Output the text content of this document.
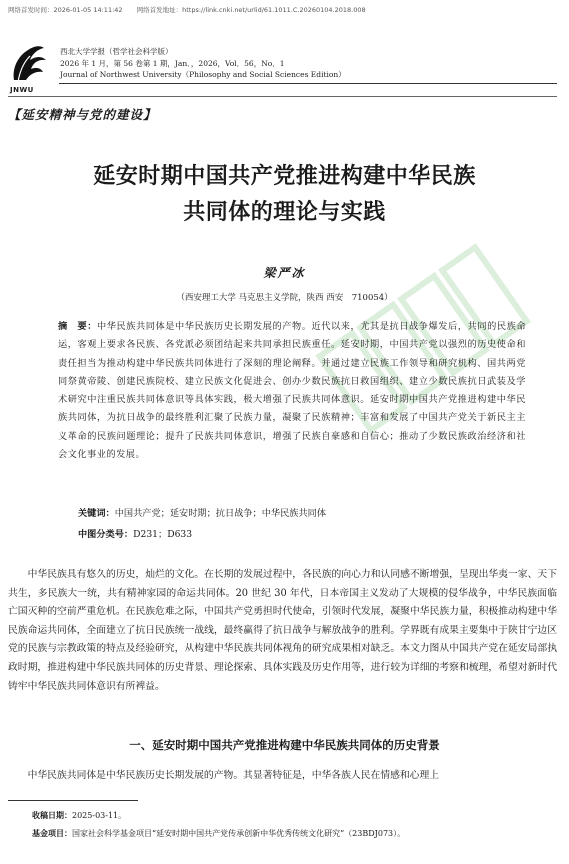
网络首发时间：2026-01-05 14:11:42 网络首发地址：https://link.cnki.net/urlid/61.1011.C.20260104.2018.008
JNWU
西北大学学报（哲学社会科学版）
2026 年 1 月，第 56 卷第 1 期，Jan．，2026，Vol．56，No．1
Journal of Northwest University（Philosophy and Social Sciences Edition）
【延安精神与党的建设】
延安时期中国共产党推进构建中华民族
共同体的理论与实践
梁严冰
（西安理工大学 马克思主义学院，陕西 西安　710054）
摘　要：中华民族共同体是中华民族历史长期发展的产物。近代以来，尤其是抗日战争爆发后，共同的民族命运，客观上要求各民族、各党派必须团结起来共同承担民族重任。延安时期，中国共产党以强烈的历史使命和责任担当为推动构建中华民族共同体进行了深刻的理论阐释。并通过建立民族工作领导和研究机构、国共两党同祭黄帝陵、创建民族院校、建立民族文化促进会、创办少数民族抗日救国组织、建立少数民族抗日武装及学术研究中注重民族共同体意识等具体实践，极大增强了民族共同体意识。延安时期中国共产党推进构建中华民族共同体，为抗日战争的最终胜利汇聚了民族力量，凝聚了民族精神；丰富和发展了中国共产党关于新民主主义革命的民族问题理论；提升了民族共同体意识，增强了民族自豪感和自信心；推动了少数民族政治经济和社会文化事业的发展。
关键词：中国共产党；延安时期；抗日战争；中华民族共同体
中图分类号：D231；D633
中华民族具有悠久的历史，灿烂的文化。在长期的发展过程中，各民族的向心力和认同感不断增强，呈现出华夷一家、天下共生，多民族大一统，共有精神家园的命运共同体。20 世纪 30 年代，日本帝国主义发动了大规模的侵华战争，中华民族面临亡国灭种的空前严重危机。在民族危难之际，中国共产党勇担时代使命，引领时代发展，凝聚中华民族力量，积极推动构建中华民族命运共同体，全面建立了抗日民族统一战线，最终赢得了抗日战争与解放战争的胜利。学界既有成果主要集中于陕甘宁边区党的民族与宗教政策的特点及经验研究，从构建中华民族共同体视角的研究成果相对缺乏。本文力图从中国共产党在延安局部执政时期，推进构建中华民族共同体的历史背景、理论探索、具体实践及历史作用等，进行较为详细的考察和梳理，希望对新时代铸牢中华民族共同体意识有所裨益。
一、延安时期中国共产党推进构建中华民族共同体的历史背景
中华民族共同体是中华民族历史长期发展的产物。其显著特征是，中华各族人民在情感和心理上
收稿日期：2025-03-11。
基金项目：国家社会科学基金项目“延安时期中国共产党传承创新中华优秀传统文化研究”（23BDJ073）。
